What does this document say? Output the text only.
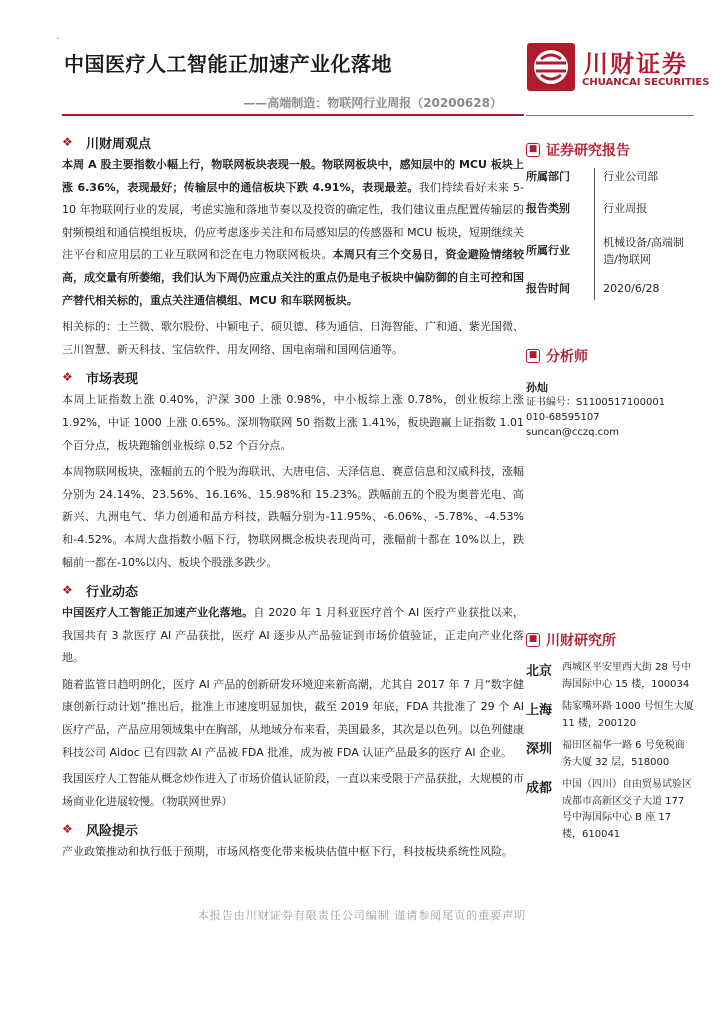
-
中国医疗人工智能正加速产业化落地
——高端制造：物联网行业周报（20200628）
川财证券
CHUANCAI SECURITIES
❖	川财周观点

本周 A 股主要指数小幅上行，物联网板块表现一般。物联网板块中，感知层中的 MCU 板块上涨 6.36%，表现最好；传输层中的通信板块下跌 4.91%，表现最差。我们持续看好未来 5-10 年物联网行业的发展，考虑实施和落地节奏以及投资的确定性，我们建议重点配置传输层的射频模组和通信模组板块，仍应考虑逐步关注和布局感知层的传感器和 MCU 板块，短期继续关注平台和应用层的工业互联网和泛在电力物联网板块。本周只有三个交易日，资金避险情绪较高，成交量有所萎缩，我们认为下周仍应重点关注的重点仍是电子板块中偏防御的自主可控和国产替代相关标的，重点关注通信模组、MCU 和车联网板块。

相关标的：士兰微、歌尔股份、中颖电子、硕贝德、移为通信、日海智能、广和通、紫光国微、三川智慧、新天科技、宝信软件、用友网络、国电南瑞和国网信通等。

❖	市场表现

本周上证指数上涨 0.40%，沪深 300 上涨 0.98%，中小板综上涨 0.78%，创业板综上涨 1.92%，中证 1000 上涨 0.65%。深圳物联网 50 指数上涨 1.41%，板块跑赢上证指数 1.01 个百分点，板块跑输创业板综 0.52 个百分点。

本周物联网板块，涨幅前五的个股为海联讯、大唐电信、天泽信息、赛意信息和汉威科技，涨幅分别为 24.14%、23.56%、16.16%、15.98%和 15.23%。跌幅前五的个股为奥普光电、高新兴、九洲电气、华力创通和晶方科技，跌幅分别为-11.95%、-6.06%、-5.78%、-4.53%和-4.52%。本周大盘指数小幅下行，物联网概念板块表现尚可，涨幅前十都在 10%以上，跌幅前一都在-10%以内、板块个股涨多跌少。

❖	行业动态

中国医疗人工智能正加速产业化落地。自 2020 年 1 月科亚医疗首个 AI 医疗产业获批以来，我国共有 3 款医疗 AI 产品获批，医疗 AI 逐步从产品验证到市场价值验证，正走向产业化落地。

随着监管日趋明朗化，医疗 AI 产品的创新研发环境迎来新高潮，尤其自 2017 年 7 月“数字健康创新行动计划”推出后，批准上市速度明显加快，截至 2019 年底，FDA 共批准了 29 个 AI 医疗产品，产品应用领域集中在胸部，从地域分布来看，美国最多，其次是以色列。以色列健康科技公司 Aidoc 已有四款 AI 产品被 FDA 批准，成为被 FDA 认证产品最多的医疗 AI 企业。

我国医疗人工智能从概念炒作进入了市场价值认证阶段，一直以来受限于产品获批，大规模的市场商业化进展较慢。（物联网世界）

❖	风险提示

产业政策推动和执行低于预期，市场风格变化带来板块估值中枢下行，科技板块系统性风险。

■ 证券研究报告
所属部门	行业公司部
报告类别	行业周报
所属行业
机械设备/高端制造/物联网
报告时间	2020/6/28
■ 分析师
孙灿
证书编号：S1100517100001
010-68595107
suncan@cczq.com
■ 川财研究所
北京 西城区平安里西大街 28 号中海国际中心 15 楼，100034
上海 陆家嘴环路 1000 号恒生大厦 11 楼，200120
深圳 福田区福华一路 6 号免税商务大厦 32 层，518000
成都 中国（四川）自由贸易试验区成都市高新区交子大道 177 号中海国际中心 B 座 17 楼，610041
本报告由川财证券有限责任公司编制 谨请参阅尾页的重要声明
